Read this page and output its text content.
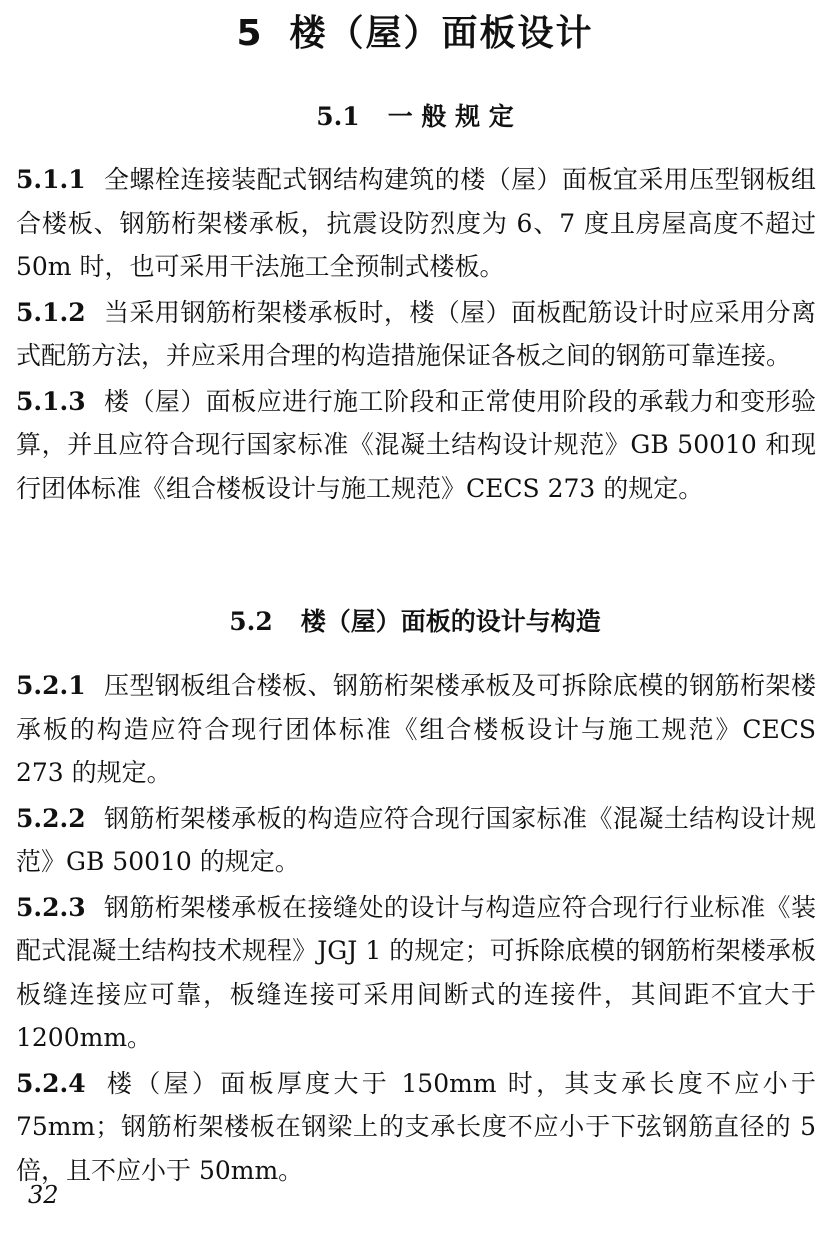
5 楼（屋）面板设计
5.1 一 般 规 定

5.1.1 全螺栓连接装配式钢结构建筑的楼（屋）面板宜采用压型钢板组合楼板、钢筋桁架楼承板，抗震设防烈度为 6、7 度且房屋高度不超过 50m 时，也可采用干法施工全预制式楼板。

5.1.2 当采用钢筋桁架楼承板时，楼（屋）面板配筋设计时应采用分离式配筋方法，并应采用合理的构造措施保证各板之间的钢筋可靠连接。

5.1.3 楼（屋）面板应进行施工阶段和正常使用阶段的承载力和变形验算，并且应符合现行国家标准《混凝土结构设计规范》GB 50010 和现行团体标准《组合楼板设计与施工规范》CECS 273 的规定。

5.2 楼（屋）面板的设计与构造

5.2.1 压型钢板组合楼板、钢筋桁架楼承板及可拆除底模的钢筋桁架楼承板的构造应符合现行团体标准《组合楼板设计与施工规范》CECS 273 的规定。

5.2.2 钢筋桁架楼承板的构造应符合现行国家标准《混凝土结构设计规范》GB 50010 的规定。

5.2.3 钢筋桁架楼承板在接缝处的设计与构造应符合现行行业标准《装配式混凝土结构技术规程》JGJ 1 的规定；可拆除底模的钢筋桁架楼承板板缝连接应可靠，板缝连接可采用间断式的连接件，其间距不宜大于 1200mm。

5.2.4 楼（屋）面板厚度大于 150mm 时，其支承长度不应小于 75mm；钢筋桁架楼板在钢梁上的支承长度不应小于下弦钢筋直径的 5 倍，且不应小于 50mm。

32
